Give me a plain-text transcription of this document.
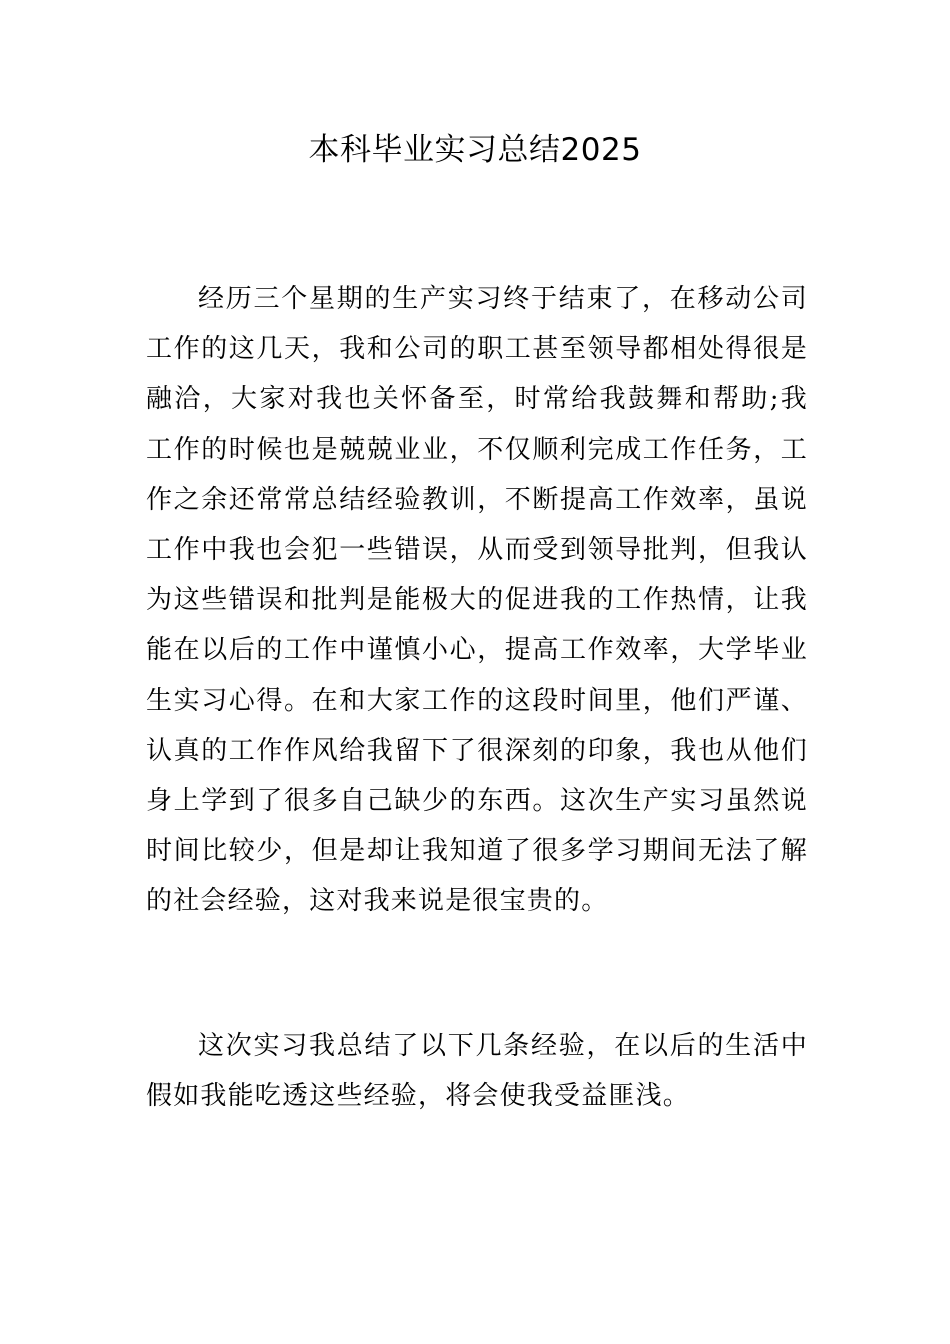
本科毕业实习总结2025

经历三个星期的生产实习终于结束了，在移动公司工作的这几天，我和公司的职工甚至领导都相处得很是融洽，大家对我也关怀备至，时常给我鼓舞和帮助;我工作的时候也是兢兢业业，不仅顺利完成工作任务，工作之余还常常总结经验教训，不断提高工作效率，虽说工作中我也会犯一些错误，从而受到领导批判，但我认为这些错误和批判是能极大的促进我的工作热情，让我能在以后的工作中谨慎小心，提高工作效率，大学毕业生实习心得。在和大家工作的这段时间里，他们严谨、认真的工作作风给我留下了很深刻的印象，我也从他们身上学到了很多自己缺少的东西。这次生产实习虽然说时间比较少，但是却让我知道了很多学习期间无法了解的社会经验，这对我来说是很宝贵的。

这次实习我总结了以下几条经验，在以后的生活中假如我能吃透这些经验，将会使我受益匪浅。
